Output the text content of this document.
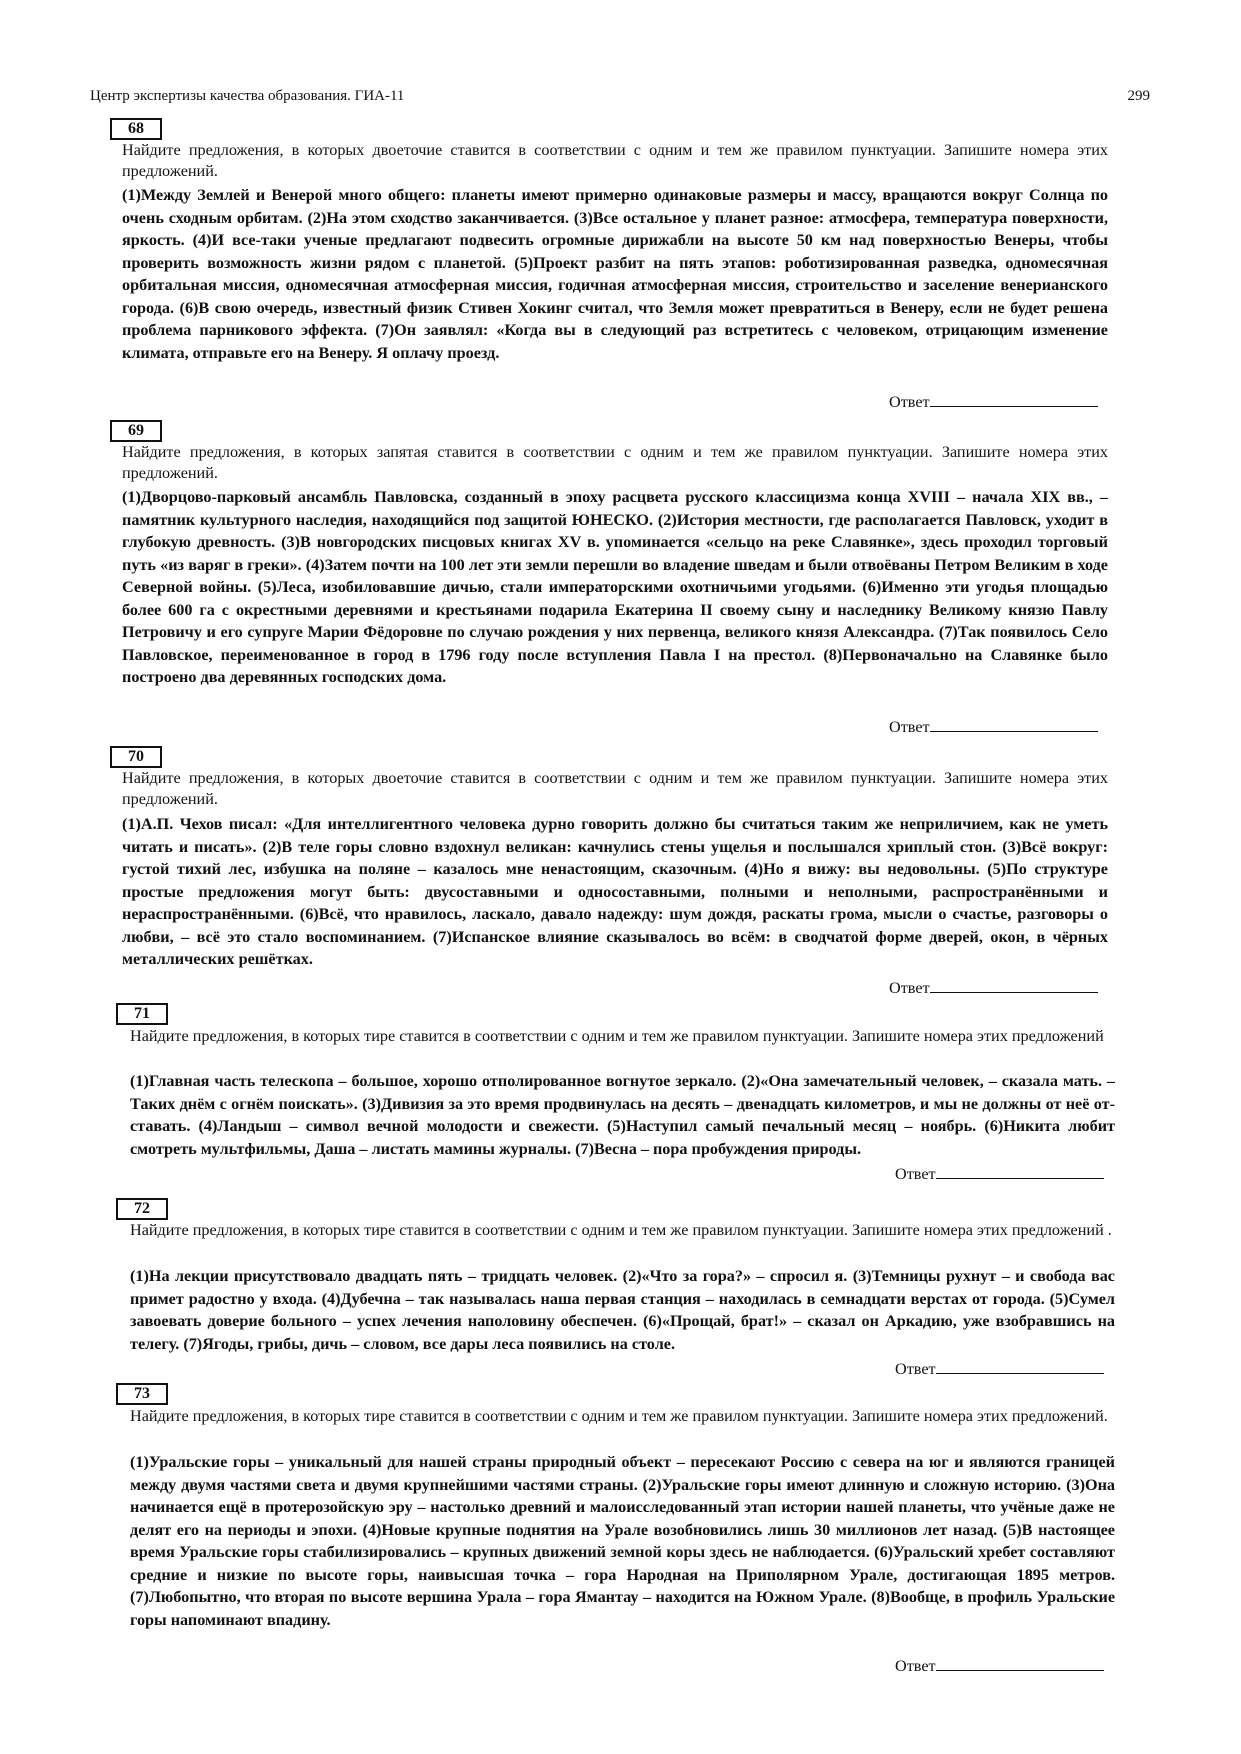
Центр экспертизы качества образования. ГИА-11	299
68
Найдите предложения, в которых двоеточие ставится в соответствии с одним и тем же правилом пунктуации. Запишите номера этих предложений.
(1)Между Землей и Венерой много общего: планеты имеют примерно одинаковые размеры и массу, вращаются вокруг Солнца по очень сходным орбитам. (2)На этом сходство заканчивается. (3)Все остальное у планет разное: атмосфера, температура поверхности, яркость. (4)И все-таки ученые предлагают подвесить огромные дирижабли на высоте 50 км над поверхностью Венеры, чтобы проверить возможность жизни рядом с планетой. (5)Проект разбит на пять этапов: роботизированная разведка, одномесячная орбитальная миссия, одномесячная атмосферная миссия, годичная атмосферная миссия, строительство и заселение венерианского города. (6)В свою очередь, известный физик Стивен Хокинг считал, что Земля может превратиться в Венеру, если не будет решена проблема парникового эффекта. (7)Он заявлял: «Когда вы в следующий раз встретитесь с человеком, отрицающим изменение климата, отправьте его на Венеру. Я оплачу проезд.
Ответ
69
Найдите предложения, в которых запятая ставится в соответствии с одним и тем же правилом пунктуации. Запишите номера этих предложений.
(1)Дворцово-парковый ансамбль Павловска, созданный в эпоху расцвета русского классицизма конца XVIII – начала XIX вв., – памятник культурного наследия, находящийся под защитой ЮНЕСКО. (2)История местности, где располагается Павловск, уходит в глубокую древность. (3)В новгородских писцовых книгах XV в. упоминается «сельцо на реке Славянке», здесь проходил торговый путь «из варяг в греки». (4)Затем почти на 100 лет эти земли перешли во владение шведам и были отвоёваны Петром Великим в ходе Северной войны. (5)Леса, изобиловавшие дичью, стали императорскими охотничьими угодьями. (6)Именно эти угодья площадью более 600 га с окрестными деревнями и крестьянами подарила Екатерина II своему сыну и наследнику Великому князю Павлу Петровичу и его супруге Марии Фёдоровне по случаю рождения у них первенца, великого князя Александра. (7)Так появилось Село Павловское, переименованное в город в 1796 году после вступления Павла I на престол. (8)Первоначально на Славянке было построено два деревянных господских дома.
Ответ
70
Найдите предложения, в которых двоеточие ставится в соответствии с одним и тем же правилом пунктуации. Запишите номера этих предложений.
(1)А.П. Чехов писал: «Для интеллигентного человека дурно говорить должно бы считаться таким же неприличием, как не уметь читать и писать». (2)В теле горы словно вздохнул великан: качнулись стены ущелья и послышался хриплый стон. (3)Всё вокруг: густой тихий лес, избушка на поляне – казалось мне ненастоящим, сказочным. (4)Но я вижу: вы недовольны. (5)По структуре простые предложения могут быть: двусоставными и односоставными, полными и неполными, распространёнными и нераспространёнными. (6)Всё, что нравилось, ласкало, давало надежду: шум дождя, раскаты грома, мысли о счастье, разговоры о любви, – всё это стало воспоминанием. (7)Испанское влияние сказывалось во всём: в сводчатой форме дверей, окон, в чёрных металлических решётках.
Ответ
71
Найдите предложения, в которых тире ставится в соответствии с одним и тем же правилом пунктуации. Запишите номера этих предложений
(1)Главная часть телескопа – большое, хорошо отполированное вогнутое зеркало. (2)«Она замечательный человек, – сказала мать. – Таких днём с огнём поискать». (3)Дивизия за это время продвинулась на десять – двенадцать километров, и мы не должны от неё от-ставать. (4)Ландыш – символ вечной молодости и свежести. (5)Наступил самый печальный месяц – ноябрь. (6)Никита любит смотреть мультфильмы, Даша – листать мамины журналы. (7)Весна – пора пробуждения природы.
Ответ
72
Найдите предложения, в которых тире ставится в соответствии с одним и тем же правилом пунктуации. Запишите номера этих предложений .
(1)На лекции присутствовало двадцать пять – тридцать человек. (2)«Что за гора?» – спросил я. (3)Темницы рухнут – и свобода вас примет радостно у входа. (4)Дубечна – так называлась наша первая станция – находилась в семнадцати верстах от города. (5)Сумел завоевать доверие больного – успех лечения наполовину обеспечен. (6)«Прощай, брат!» – сказал он Аркадию, уже взобравшись на телегу. (7)Ягоды, грибы, дичь – словом, все дары леса появились на столе.
Ответ
73
Найдите предложения, в которых тире ставится в соответствии с одним и тем же правилом пунктуации. Запишите номера этих предложений.
(1)Уральские горы – уникальный для нашей страны природный объект – пересекают Россию с севера на юг и являются границей между двумя частями света и двумя крупнейшими частями страны. (2)Уральские горы имеют длинную и сложную историю. (3)Она начинается ещё в протерозойскую эру – настолько древний и малоисследованный этап истории нашей планеты, что учёные даже не делят его на периоды и эпохи. (4)Новые крупные поднятия на Урале возобновились лишь 30 миллионов лет назад. (5)В настоящее время Уральские горы стабилизировались – крупных движений земной коры здесь не наблюдается. (6)Уральский хребет составляют средние и низкие по высоте горы, наивысшая точка – гора Народная на Приполярном Урале, достигающая 1895 метров. (7)Любопытно, что вторая по высоте вершина Урала – гора Ямантау – находится на Южном Урале. (8)Вообще, в профиль Уральские горы напоминают впадину.
Ответ
